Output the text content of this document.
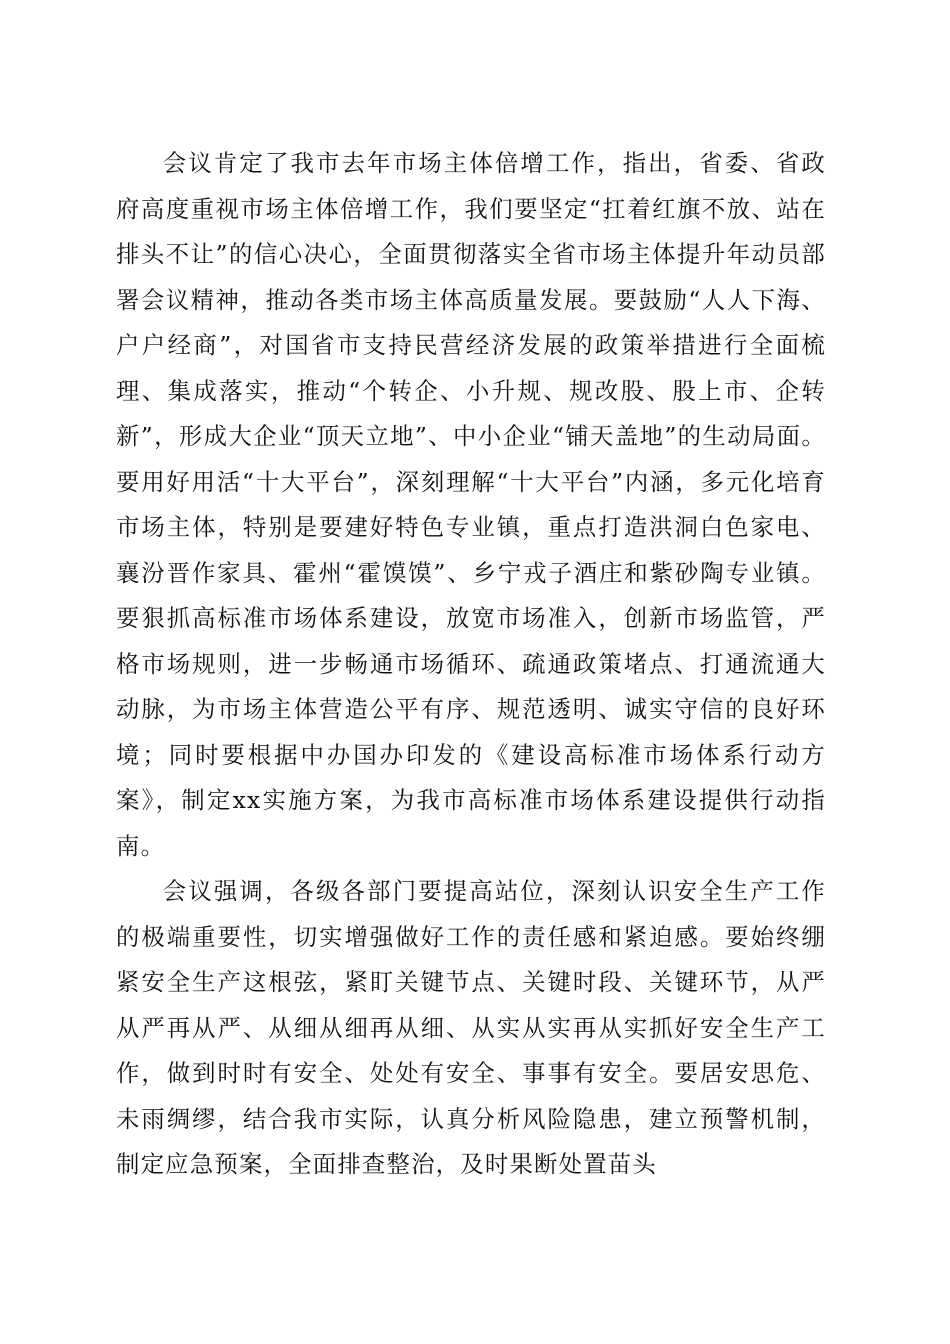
会议肯定了我市去年市场主体倍增工作，指出，省委、省政府高度重视市场主体倍增工作，我们要坚定“扛着红旗不放、站在排头不让”的信心决心，全面贯彻落实全省市场主体提升年动员部署会议精神，推动各类市场主体高质量发展。要鼓励“人人下海、户户经商”，对国省市支持民营经济发展的政策举措进行全面梳理、集成落实，推动“个转企、小升规、规改股、股上市、企转新”，形成大企业“顶天立地”、中小企业“铺天盖地”的生动局面。要用好用活“十大平台”，深刻理解“十大平台”内涵，多元化培育市场主体，特别是要建好特色专业镇，重点打造洪洞白色家电、襄汾晋作家具、霍州“霍馍馍”、乡宁戎子酒庄和紫砂陶专业镇。要狠抓高标准市场体系建设，放宽市场准入，创新市场监管，严格市场规则，进一步畅通市场循环、疏通政策堵点、打通流通大动脉，为市场主体营造公平有序、规范透明、诚实守信的良好环境；同时要根据中办国办印发的《建设高标准市场体系行动方案》，制定xx实施方案，为我市高标准市场体系建设提供行动指南。

会议强调，各级各部门要提高站位，深刻认识安全生产工作的极端重要性，切实增强做好工作的责任感和紧迫感。要始终绷紧安全生产这根弦，紧盯关键节点、关键时段、关键环节，从严从严再从严、从细从细再从细、从实从实再从实抓好安全生产工作，做到时时有安全、处处有安全、事事有安全。要居安思危、未雨绸缪，结合我市实际，认真分析风险隐患，建立预警机制，制定应急预案，全面排查整治，及时果断处置苗头
